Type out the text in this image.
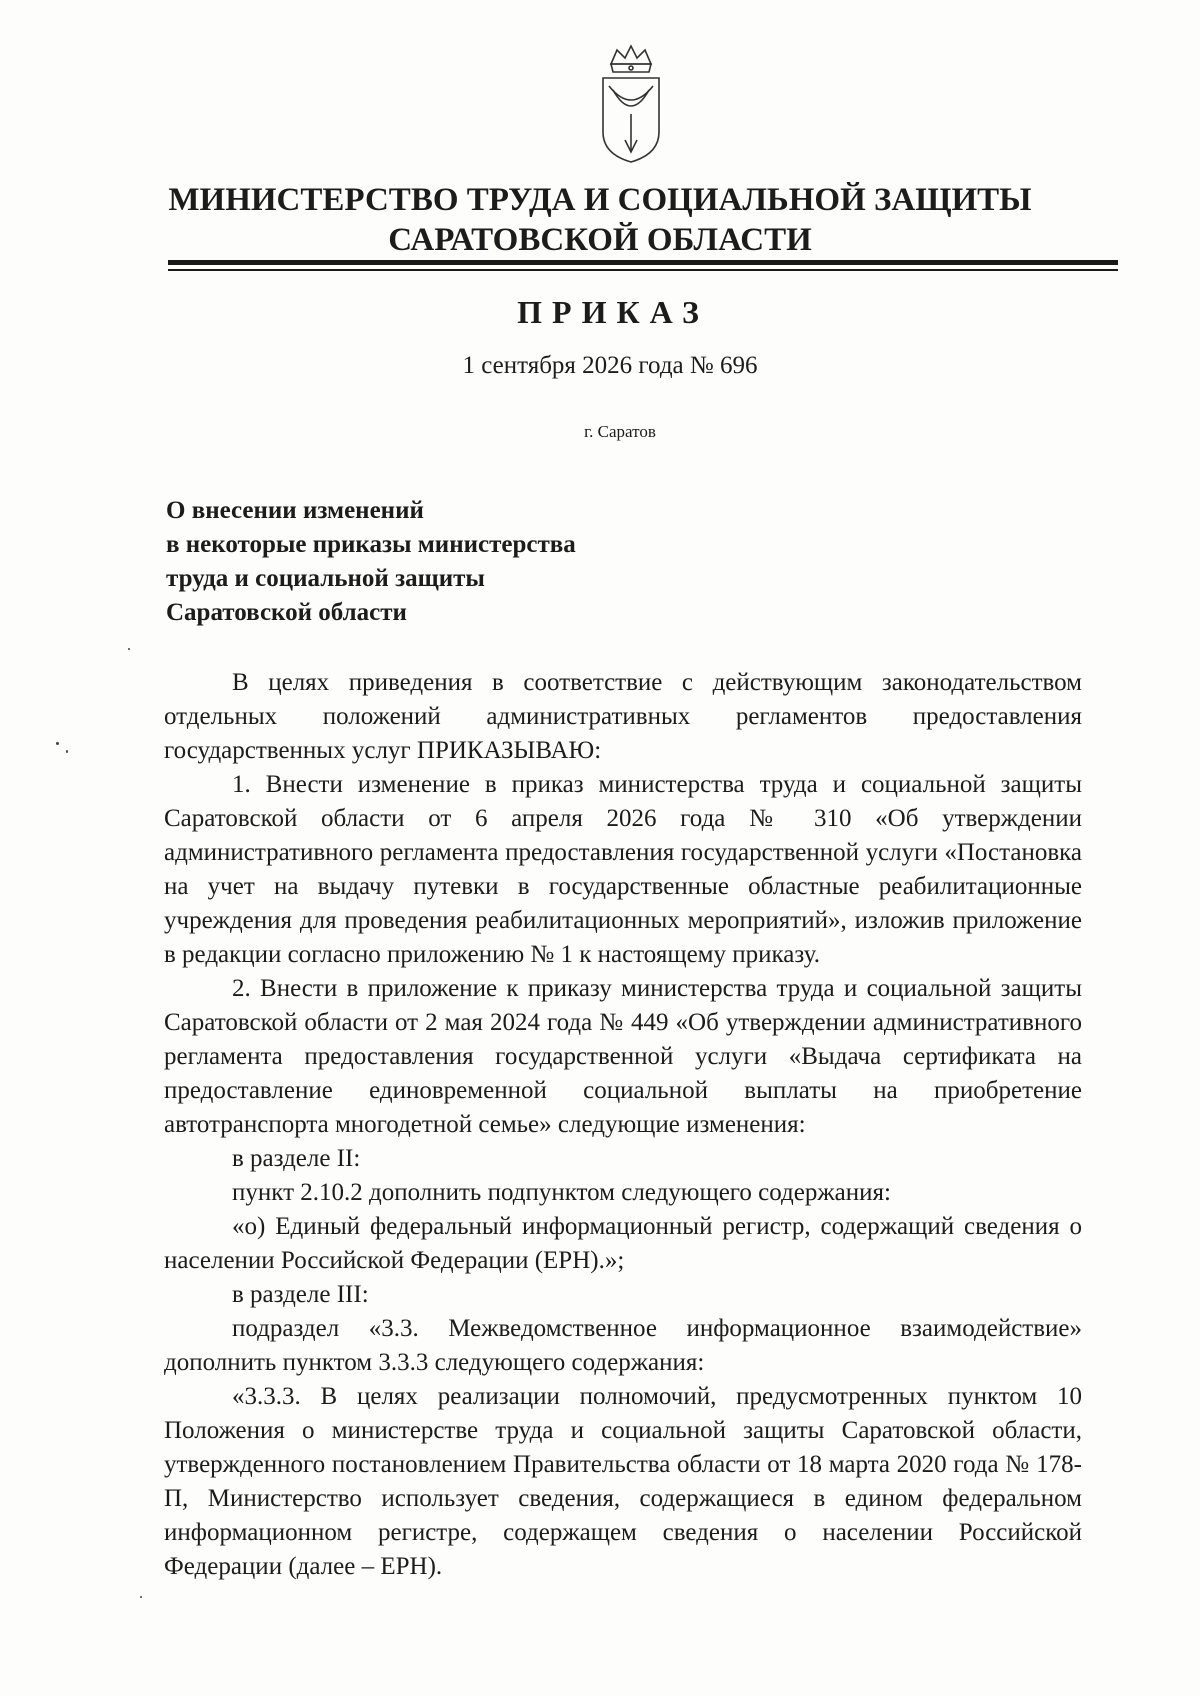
МИНИСТЕРСТВО ТРУДА И СОЦИАЛЬНОЙ ЗАЩИТЫ
САРАТОВСКОЙ ОБЛАСТИ
ПРИКАЗ
1 сентября 2026 года № 696
г. Саратов
О внесении изменений
в некоторые приказы министерства
труда и социальной защиты
Саратовской области

В целях приведения в соответствие с действующим законодательством отдельных положений административных регламентов предоставления государственных услуг ПРИКАЗЫВАЮ:

1. Внести изменение в приказ министерства труда и социальной защиты Саратовской области от 6 апреля 2026 года № 310 «Об утверждении административного регламента предоставления государственной услуги «Постановка на учет на выдачу путевки в государственные областные реабилитационные учреждения для проведения реабилитационных мероприятий», изложив приложение в редакции согласно приложению № 1 к настоящему приказу.

2. Внести в приложение к приказу министерства труда и социальной защиты Саратовской области от 2 мая 2024 года № 449 «Об утверждении административного регламента предоставления государственной услуги «Выдача сертификата на предоставление единовременной социальной выплаты на приобретение автотранспорта многодетной семье» следующие изменения:

в разделе II:

пункт 2.10.2 дополнить подпунктом следующего содержания:

«о) Единый федеральный информационный регистр, содержащий сведения о населении Российской Федерации (ЕРН).»;

в разделе III:

подраздел «3.3. Межведомственное информационное взаимодействие» дополнить пунктом 3.3.3 следующего содержания:

«3.3.3. В целях реализации полномочий, предусмотренных пунктом 10 Положения о министерстве труда и социальной защиты Саратовской области, утвержденного постановлением Правительства области от 18 марта 2020 года № 178-П, Министерство использует сведения, содержащиеся в едином федеральном информационном регистре, содержащем сведения о населении Российской Федерации (далее – ЕРН).
